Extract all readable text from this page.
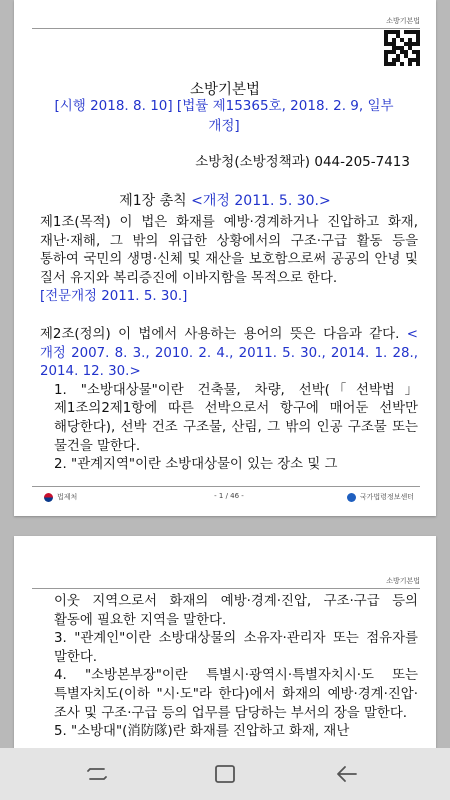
소방기본법
소방기본법
[시행 2018. 8. 10] [법률 제15365호, 2018. 2. 9, 일부개정]
소방청(소방정책과) 044-205-7413
제1장 총칙 <개정 2011. 5. 30.>
제1조(목적) 이 법은 화재를 예방·경계하거나 진압하고 화재, 재난·재해, 그 밖의 위급한 상황에서의 구조·구급 활동 등을 통하여 국민의 생명·신체 및 재산을 보호함으로써 공공의 안녕 및 질서 유지와 복리증진에 이바지함을 목적으로 한다.
[전문개정 2011. 5. 30.]
제2조(정의) 이 법에서 사용하는 용어의 뜻은 다음과 같다. <개정 2007. 8. 3., 2010. 2. 4., 2011. 5. 30., 2014. 1. 28., 2014. 12. 30.>
1. "소방대상물"이란 건축물, 차량, 선박(「선박법」 제1조의2제1항에 따른 선박으로서 항구에 매어둔 선박만 해당한다), 선박 건조 구조물, 산림, 그 밖의 인공 구조물 또는 물건을 말한다.
2. "관계지역"이란 소방대상물이 있는 장소 및 그
법제처	- 1 / 46 -	국가법령정보센터
소방기본법
이웃 지역으로서 화재의 예방·경계·진압, 구조·구급 등의 활동에 필요한 지역을 말한다.
3. "관계인"이란 소방대상물의 소유자·관리자 또는 점유자를 말한다.
4. "소방본부장"이란 특별시·광역시·특별자치시·도 또는 특별자치도(이하 "시·도"라 한다)에서 화재의 예방·경계·진압·조사 및 구조·구급 등의 업무를 담당하는 부서의 장을 말한다.
5. "소방대"(消防隊)란 화재를 진압하고 화재, 재난
